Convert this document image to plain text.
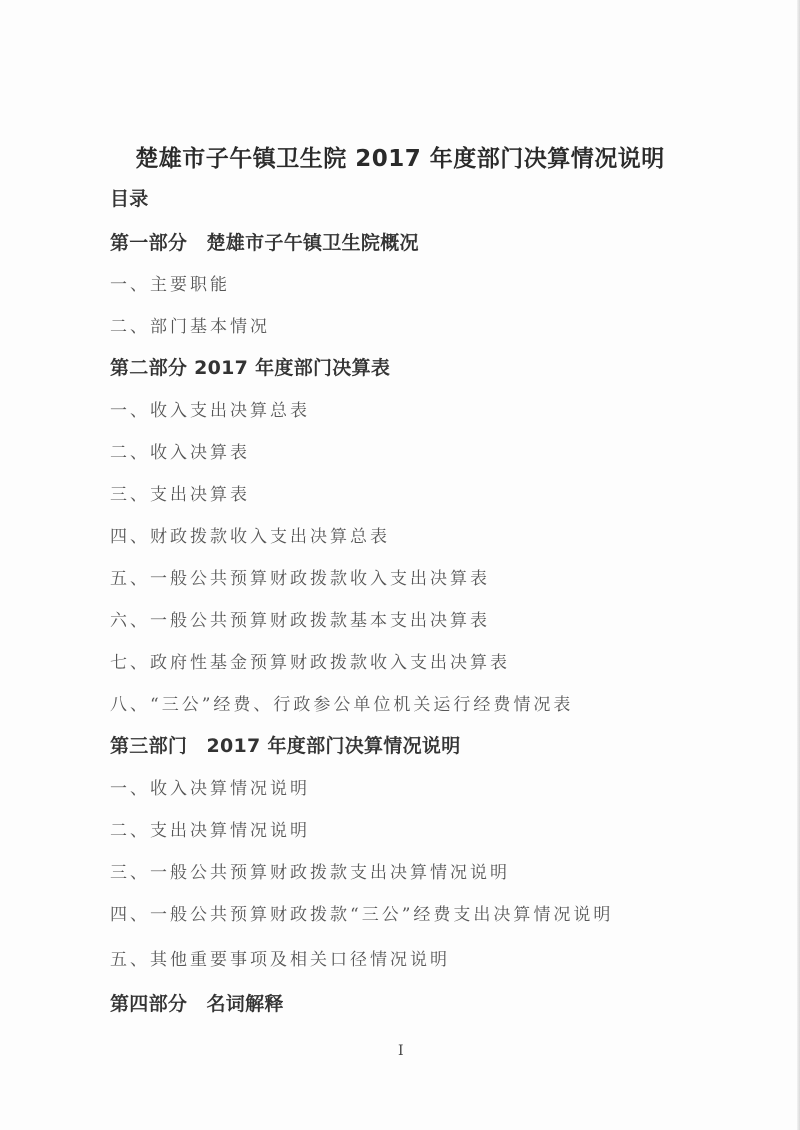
楚雄市子午镇卫生院 2017 年度部门决算情况说明
目录
第一部分　楚雄市子午镇卫生院概况
一、主要职能
二、部门基本情况
第二部分 2017 年度部门决算表
一、收入支出决算总表
二、收入决算表
三、支出决算表
四、财政拨款收入支出决算总表
五、一般公共预算财政拨款收入支出决算表
六、一般公共预算财政拨款基本支出决算表
七、政府性基金预算财政拨款收入支出决算表
八、“三公”经费、行政参公单位机关运行经费情况表
第三部门　2017 年度部门决算情况说明
一、收入决算情况说明
二、支出决算情况说明
三、一般公共预算财政拨款支出决算情况说明
四、一般公共预算财政拨款“三公”经费支出决算情况说明
五、其他重要事项及相关口径情况说明
第四部分　名词解释
I
